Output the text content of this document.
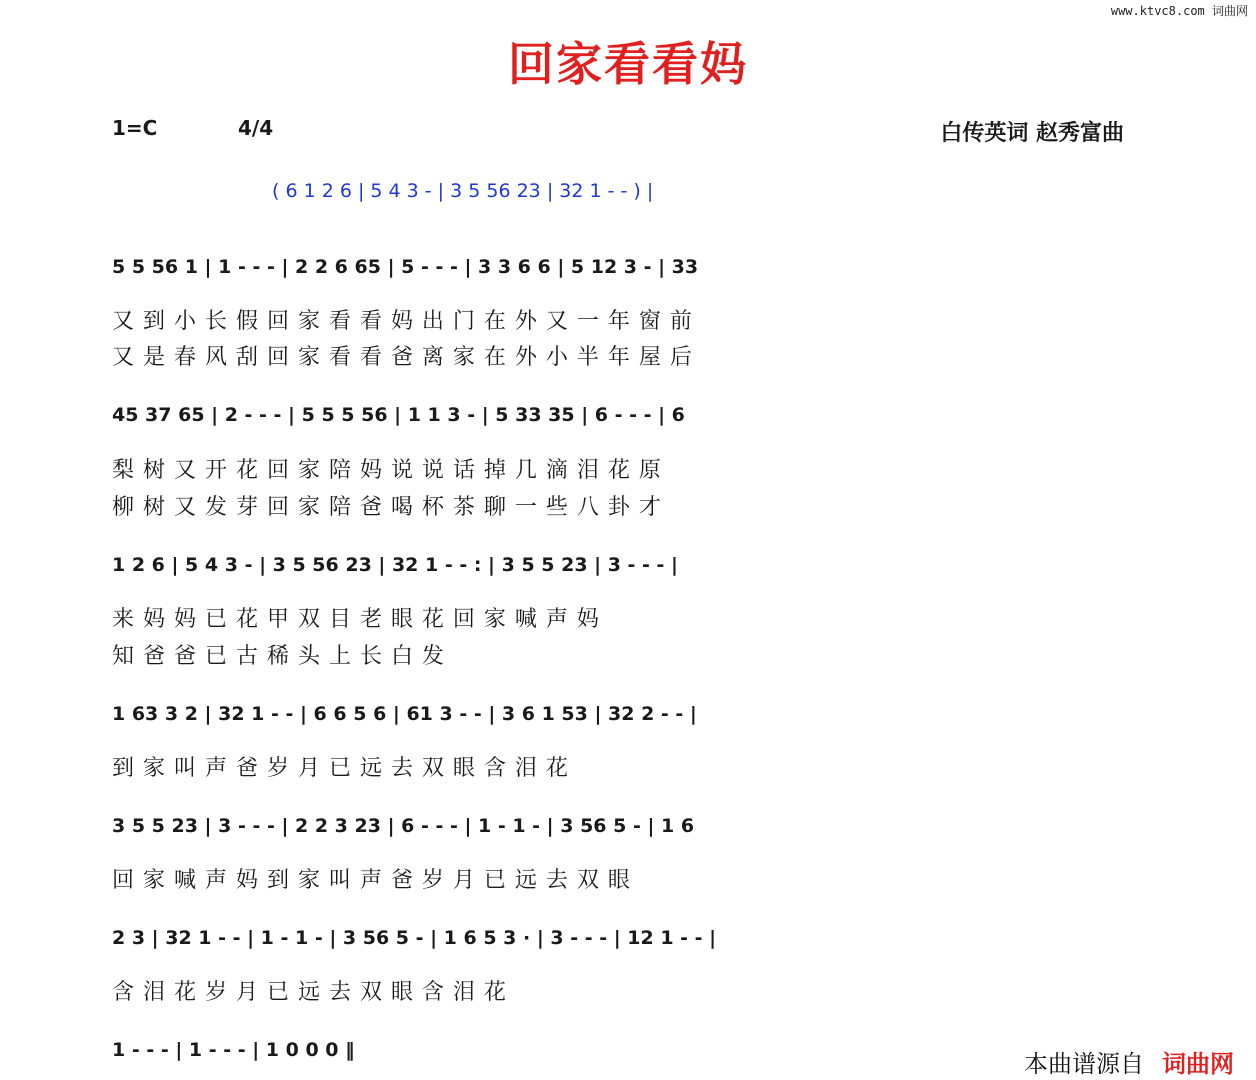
www.ktvc8.com 词曲网
回家看看妈
1=C	4/4	白传英词 赵秀富曲
( 6 1 2 6 | 5 4 3 - | 3 5 56 23 | 32 1 - - ) |
5 5 56 1 | 1 - - - | 2 2 6 65 | 5 - - - | 3 3 6 6 | 5 12 3 - | 33
又 到 小 长 假 回 家 看 看 妈 出 门 在 外 又 一 年 窗 前
又 是 春 风 刮 回 家 看 看 爸 离 家 在 外 小 半 年 屋 后
45 37 65 | 2 - - - | 5 5 5 56 | 1 1 3 - | 5 33 35 | 6 - - - | 6
梨 树 又 开 花 回 家 陪 妈 说 说 话 掉 几 滴 泪 花 原
柳 树 又 发 芽 回 家 陪 爸 喝 杯 茶 聊 一 些 八 卦 才
1 2 6 | 5 4 3 - | 3 5 56 23 | 32 1 - - : | 3 5 5 23 | 3 - - - |
来 妈 妈 已 花 甲 双 目 老 眼 花 回 家 喊 声 妈
知 爸 爸 已 古 稀 头 上 长 白 发
1 63 3 2 | 32 1 - - | 6 6 5 6 | 61 3 - - | 3 6 1 53 | 32 2 - - |
到 家 叫 声 爸 岁 月 已 远 去 双 眼 含 泪 花
3 5 5 23 | 3 - - - | 2 2 3 23 | 6 - - - | 1 - 1 - | 3 56 5 - | 1 6
回 家 喊 声 妈 到 家 叫 声 爸 岁 月 已 远 去 双 眼
2 3 | 32 1 - - | 1 - 1 - | 3 56 5 - | 1 6 5 3 · | 3 - - - | 12 1 - - |
含 泪 花 岁 月 已 远 去 双 眼 含 泪 花
1 - - - | 1 - - - | 1 0 0 0 ‖	本曲谱源自 词曲网
